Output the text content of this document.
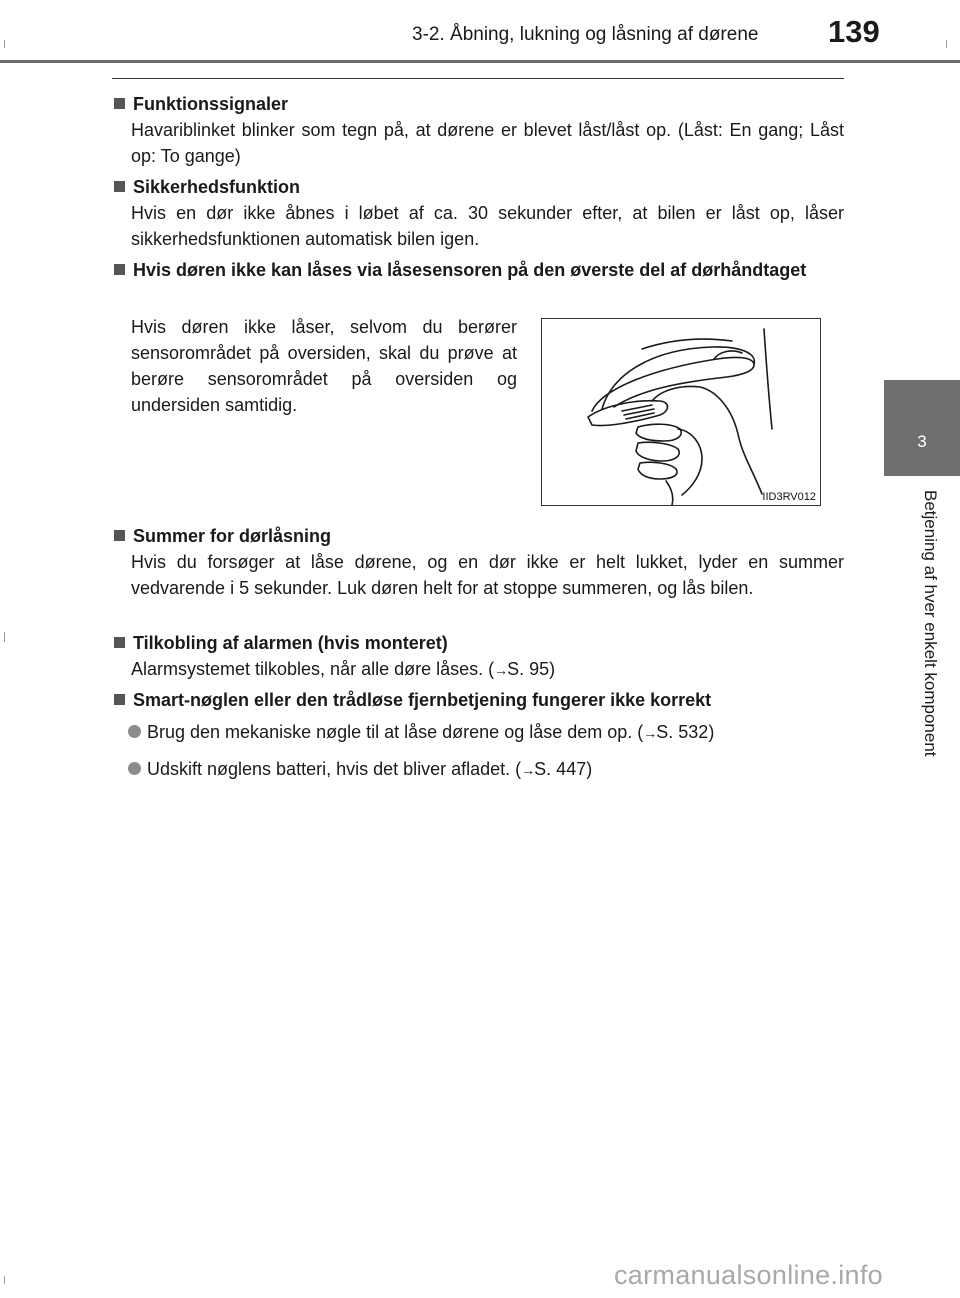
3-2. Åbning, lukning og låsning af dørene 139
3
Betjening af hver enkelt komponent
Funktionssignaler
Havariblinket blinker som tegn på, at dørene er blevet låst/låst op. (Låst: En gang; Låst op: To gange)
Sikkerhedsfunktion
Hvis en dør ikke åbnes i løbet af ca. 30 sekunder efter, at bilen er låst op, låser sikkerhedsfunktionen automatisk bilen igen.
Hvis døren ikke kan låses via låsesensoren på den øverste del af dørhåndtaget
Hvis døren ikke låser, selvom du berører sensorområdet på oversiden, skal du prøve at berøre sensorområdet på oversiden og undersiden samtidig.
IID3RV012
Summer for dørlåsning
Hvis du forsøger at låse dørene, og en dør ikke er helt lukket, lyder en summer vedvarende i 5 sekunder. Luk døren helt for at stoppe summeren, og lås bilen.
Tilkobling af alarmen (hvis monteret)
Alarmsystemet tilkobles, når alle døre låses. (→S. 95)
Smart-nøglen eller den trådløse fjernbetjening fungerer ikke korrekt
Brug den mekaniske nøgle til at låse dørene og låse dem op. (→S. 532)
Udskift nøglens batteri, hvis det bliver afladet. (→S. 447)
carmanualsonline.info
